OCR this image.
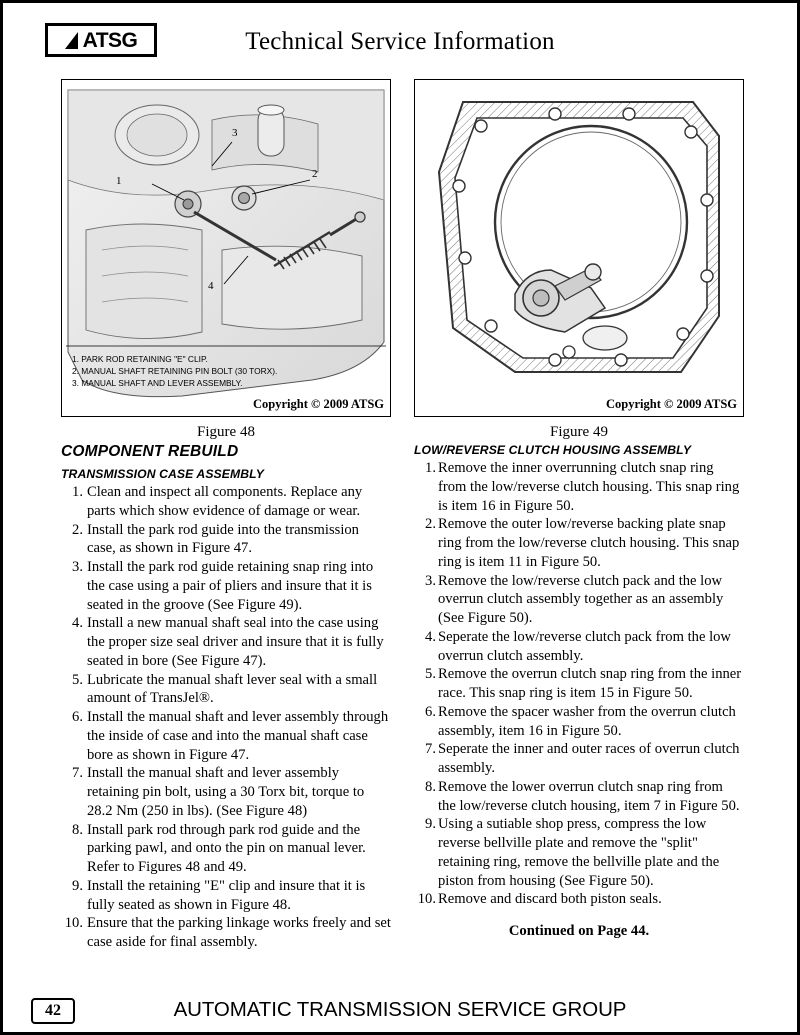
ATSG	Technical Service Information
1
2
3
4
1. PARK ROD RETAINING "E" CLIP.
2. MANUAL SHAFT RETAINING PIN BOLT (30 TORX).
3. MANUAL SHAFT AND LEVER ASSEMBLY.
Copyright © 2009 ATSG	Copyright © 2009 ATSG
Figure 48	Figure 49
COMPONENT REBUILD
TRANSMISSION CASE ASSEMBLY
1. Clean and inspect all components. Replace any parts which show evidence of damage or wear.
2. Install the park rod guide into the transmission case, as shown in Figure 47.
3. Install the park rod guide retaining snap ring into the case using a pair of pliers and insure that it is seated in the groove (See Figure 49).
4. Install a new manual shaft seal into the case using the proper size seal driver and insure that it is fully seated in bore (See Figure 47).
5. Lubricate the manual shaft lever seal with a small amount of TransJel®.
6. Install the manual shaft and lever assembly through the inside of case and into the manual shaft case bore as shown in Figure 47.
7. Install the manual shaft and lever assembly retaining pin bolt, using a 30 Torx bit, torque to 28.2 Nm (250 in lbs). (See Figure 48)
8. Install park rod through park rod guide and the parking pawl, and onto the pin on manual lever. Refer to Figures 48 and 49.
9. Install the retaining "E" clip and insure that it is fully seated as shown in Figure 48.
10. Ensure that the parking linkage works freely and set case aside for final assembly.
LOW/REVERSE CLUTCH HOUSING ASSEMBLY
1. Remove the inner overrunning clutch snap ring from the low/reverse clutch housing. This snap ring is item 16 in Figure 50.
2. Remove the outer low/reverse backing plate snap ring from the low/reverse clutch housing. This snap ring is item 11 in Figure 50.
3. Remove the low/reverse clutch pack and the low overrun clutch assembly together as an assembly (See Figure 50).
4. Seperate the low/reverse clutch pack from the low overrun clutch assembly.
5. Remove the overrun clutch snap ring from the inner race. This snap ring is item 15 in Figure 50.
6. Remove the spacer washer from the overrun clutch assembly, item 16 in Figure 50.
7. Seperate the inner and outer races of overrun clutch assembly.
8. Remove the lower overrun clutch snap ring from the low/reverse clutch housing, item 7 in Figure 50.
9. Using a sutiable shop press, compress the low reverse bellville plate and remove the "split" retaining ring, remove the bellville plate and the piston from housing (See Figure 50).
10. Remove and discard both piston seals.
Continued on Page 44.
42	AUTOMATIC TRANSMISSION SERVICE GROUP
